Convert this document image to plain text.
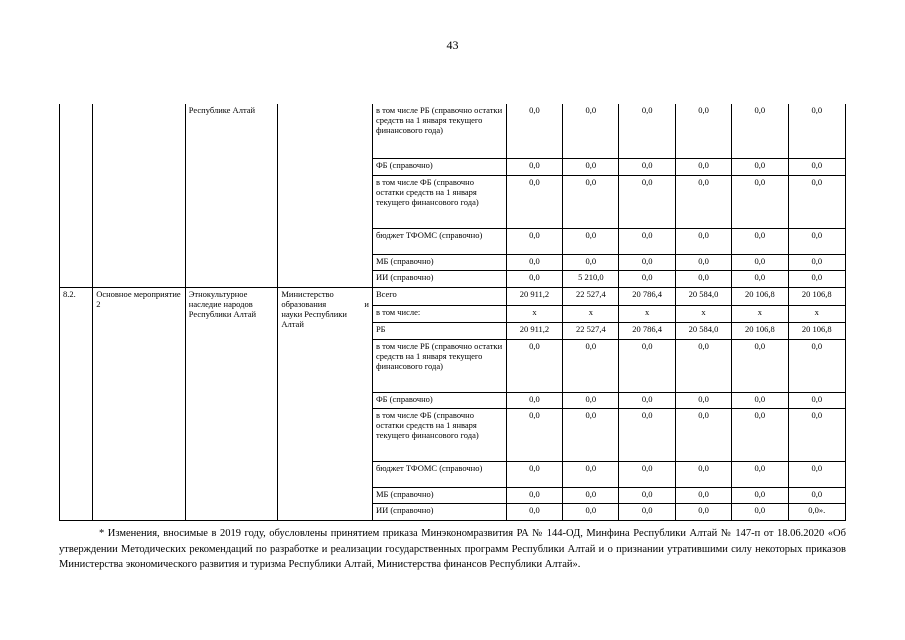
43
		Республике Алтай		в том числе РБ (справочно остатки средств на 1 января текущего финансового года)	0,0	0,0	0,0	0,0	0,0	0,0
				ФБ (справочно)	0,0	0,0	0,0	0,0	0,0	0,0
				в том числе ФБ (справочно остатки средств на 1 января текущего финансового года)	0,0	0,0	0,0	0,0	0,0	0,0
				бюджет ТФОМС (справочно)	0,0	0,0	0,0	0,0	0,0	0,0
				МБ (справочно)	0,0	0,0	0,0	0,0	0,0	0,0
				ИИ (справочно)	0,0	5 210,0	0,0	0,0	0,0	0,0
8.2.	Основное мероприятие 2	Этнокультурное наследие народов Республики Алтай	Министерство
образования и
науки Республики Алтай	Всего	20 911,2	22 527,4	20 786,4	20 584,0	20 106,8	20 106,8
				в том числе:	х	х	х	х	х	х
				РБ	20 911,2	22 527,4	20 786,4	20 584,0	20 106,8	20 106,8
				в том числе РБ (справочно остатки средств на 1 января текущего финансового года)	0,0	0,0	0,0	0,0	0,0	0,0
				ФБ (справочно)	0,0	0,0	0,0	0,0	0,0	0,0
				в том числе ФБ (справочно остатки средств на 1 января текущего финансового года)	0,0	0,0	0,0	0,0	0,0	0,0
				бюджет ТФОМС (справочно)	0,0	0,0	0,0	0,0	0,0	0,0
				МБ (справочно)	0,0	0,0	0,0	0,0	0,0	0,0
				ИИ (справочно)	0,0	0,0	0,0	0,0	0,0	0,0».
* Изменения, вносимые в 2019 году, обусловлены принятием приказа Минэкономразвития РА № 144-ОД, Минфина Республики Алтай № 147-п от 18.06.2020 «Об утверждении Методических рекомендаций по разработке и реализации государственных программ Республики Алтай и о признании утратившими силу некоторых приказов Министерства экономического развития и туризма Республики Алтай, Министерства финансов Республики Алтай».
